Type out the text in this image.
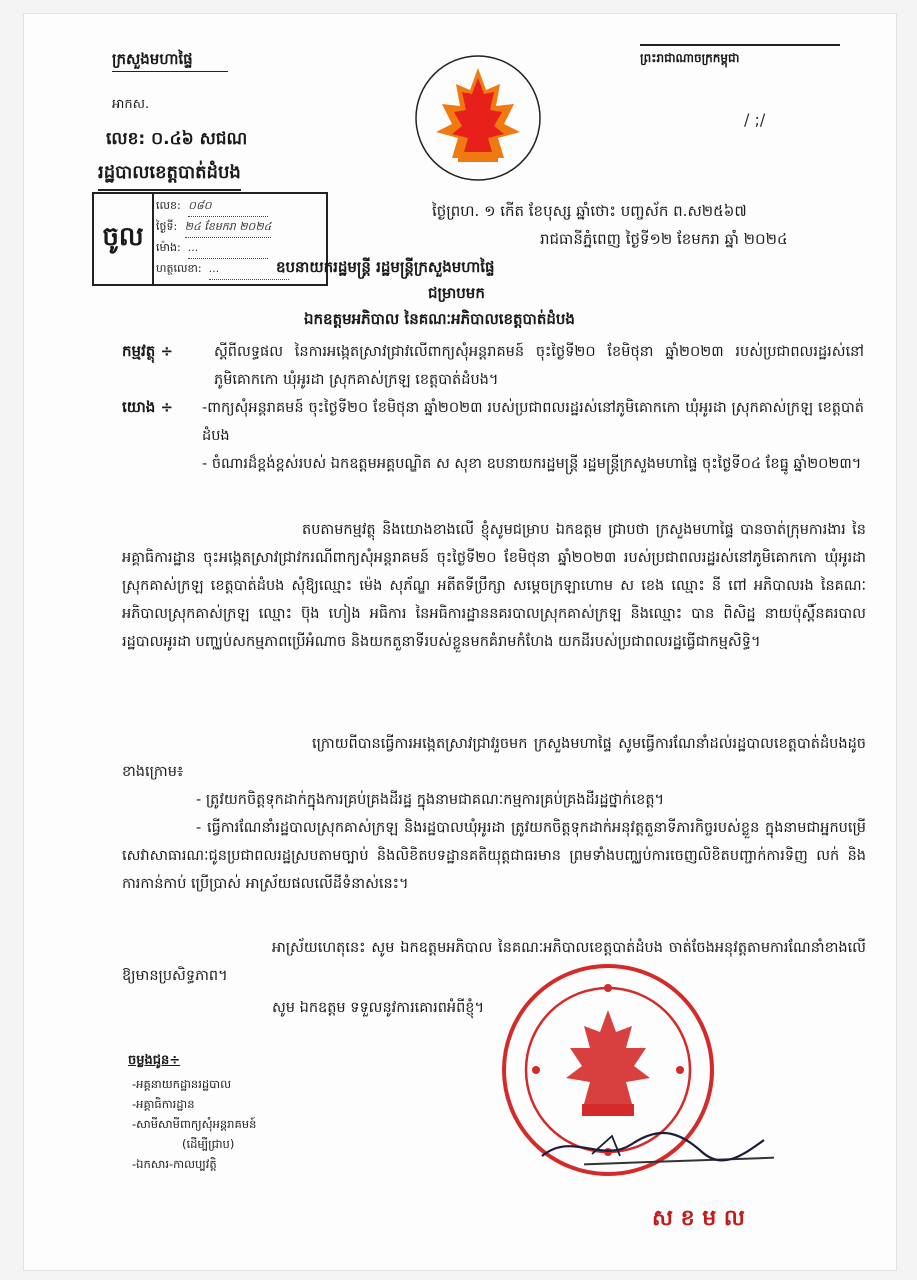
ក្រសួងមហាផ្ទៃ
អាកស.
លេខ: ០.៤៦ សជណ
រដ្ឋបាលខេត្តបាត់ដំបង
ចូល
លេខ: ០៨០
ថ្ងៃទី: ២៤ ខែមករា ២០២៤
ម៉ោង: ...
ហត្ថលេខា: ...
ព្រះរាជាណាចក្រកម្ពុជា
/ ;/
ថ្ងៃព្រហ. ១ កើត ខែបុស្ស ឆ្នាំថោះ បញ្ចស័ក ព.ស២៥៦៧
រាជធានីភ្នំពេញ ថ្ងៃទី១២ ខែមករា ឆ្នាំ ២០២៤
ឧបនាយករដ្ឋមន្ត្រី រដ្ឋមន្ត្រីក្រសួងមហាផ្ទៃ
ជម្រាបមក
ឯកឧត្តមអភិបាល នៃគណៈអភិបាលខេត្តបាត់ដំបង
កម្មវត្ថុ ÷	ស្តីពីលទ្ធផល នៃការអង្កេតស្រាវជ្រាវលើពាក្យសុំអន្តរាគមន៍ ចុះថ្ងៃទី២០ ខែមិថុនា ឆ្នាំ២០២៣ របស់ប្រជាពលរដ្ឋរស់នៅភូមិគោកកោ ឃុំអូរដា ស្រុកគាស់ក្រឡ ខេត្តបាត់ដំបង។
យោង ÷ -ពាក្យសុំអន្តរាគមន៍ ចុះថ្ងៃទី២០ ខែមិថុនា ឆ្នាំ២០២៣ របស់ប្រជាពលរដ្ឋរស់នៅភូមិគោកកោ ឃុំអូរដា ស្រុកគាស់ក្រឡ ខេត្តបាត់ដំបង
- ចំណារដ៏ខ្ពង់ខ្ពស់របស់ ឯកឧត្តមអគ្គបណ្ឌិត ស សុខា ឧបនាយករដ្ឋមន្ត្រី រដ្ឋមន្ត្រីក្រសួងមហាផ្ទៃ ចុះថ្ងៃទី០៤ ខែធ្នូ ឆ្នាំ២០២៣។
តបតាមកម្មវត្ថុ និងយោងខាងលើ ខ្ញុំសូមជម្រាប ឯកឧត្តម ជ្រាបថា ក្រសួងមហាផ្ទៃ បានចាត់ក្រុមការងារ នៃអគ្គាធិការដ្ឋាន ចុះអង្កេតស្រាវជ្រាវករណីពាក្យសុំអន្តរាគមន៍ ចុះថ្ងៃទី២០ ខែមិថុនា ឆ្នាំ២០២៣ របស់ប្រជាពលរដ្ឋរស់នៅភូមិគោកកោ ឃុំអូរដា ស្រុកគាស់ក្រឡ ខេត្តបាត់ដំបង សុំឱ្យឈ្មោះ ម៉េង សុភ័ណ្ឌ អតីតទីប្រឹក្សា សម្តេចក្រឡាហោម ស ខេង ឈ្មោះ នី ពៅ អភិបាលរង នៃគណៈអភិបាលស្រុកគាស់ក្រឡ ឈ្មោះ ប៊ុង ហៀង អធិការ នៃអធិការដ្ឋាននគរបាលស្រុកគាស់ក្រឡ និងឈ្មោះ បាន ពិសិដ្ឋ នាយប៉ុស្តិ៍នគរបាលរដ្ឋបាលអូរដា បញ្ឈប់សកម្មភាពប្រើអំណាច និងយកតួនាទីរបស់ខ្លួនមកគំរាមកំហែង យកដីរបស់ប្រជាពលរដ្ឋធ្វើជាកម្មសិទ្ធិ។
ក្រោយពីបានធ្វើការអង្កេតស្រាវជ្រាវរួចមក ក្រសួងមហាផ្ទៃ សូមធ្វើការណែនាំដល់រដ្ឋបាលខេត្តបាត់ដំបងដូចខាងក្រោម៖
- ត្រូវយកចិត្តទុកដាក់ក្នុងការគ្រប់គ្រងដីរដ្ឋ ក្នុងនាមជាគណៈកម្មការគ្រប់គ្រងដីរដ្ឋថ្នាក់ខេត្ត។
- ធ្វើការណែនាំរដ្ឋបាលស្រុកគាស់ក្រឡ និងរដ្ឋបាលឃុំអូរដា ត្រូវយកចិត្តទុកដាក់អនុវត្តតួនាទីភារកិច្ចរបស់ខ្លួន ក្នុងនាមជាអ្នកបម្រើសេវាសាធារណៈជូនប្រជាពលរដ្ឋស្របតាមច្បាប់ និងលិខិតបទដ្ឋានគតិយុត្តជាធរមាន ព្រមទាំងបញ្ឈប់ការចេញលិខិតបញ្ជាក់ការទិញ លក់ និងការកាន់កាប់ ប្រើប្រាស់ អាស្រ័យផលលើដីទំនាស់នេះ។
អាស្រ័យហេតុនេះ សូម ឯកឧត្តមអភិបាល នៃគណៈអភិបាលខេត្តបាត់ដំបង ចាត់ចែងអនុវត្តតាមការណែនាំខាងលើឱ្យមានប្រសិទ្ធភាព។
សូម ឯកឧត្តម ទទួលនូវការគោរពអំពីខ្ញុំ។
ចម្លងជូន÷
-អគ្គនាយកដ្ឋានរដ្ឋបាល
-អគ្គាធិការដ្ឋាន
-សាមីសាមីពាក្យសុំអន្តរាគមន៍
(ដើម្បីជ្រាប)
-ឯកសារ-កាលប្បវត្តិ
ស ខ ម ល
